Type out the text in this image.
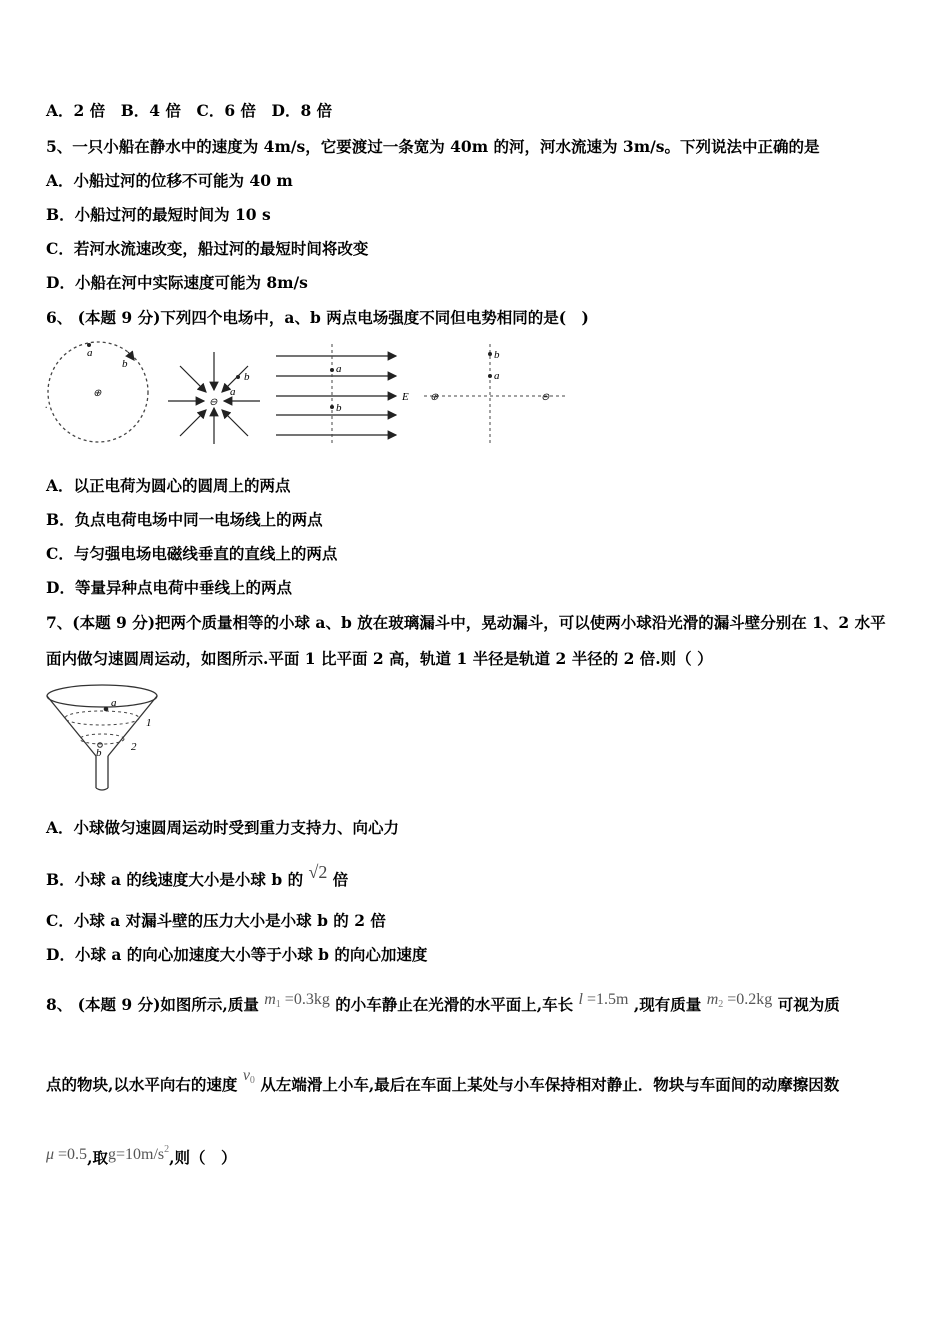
A．2 倍　B．4 倍　C．6 倍　D．8 倍
5、一只小船在静水中的速度为 4m/s，它要渡过一条宽为 40m 的河，河水流速为 3m/s。下列说法中正确的是
A．小船过河的位移不可能为 40 m
B．小船过河的最短时间为 10 s
C．若河水流速改变，船过河的最短时间将改变
D．小船在河中实际速度可能为 8m/s
6、 (本题 9 分)下列四个电场中，a、b 两点电场强度不同但电势相同的是(　)
.
a
b
⊕
⊖
b
a
a
b
E ⊕	⊖
b
a
A．以正电荷为圆心的圆周上的两点
B．负点电荷电场中同一电场线上的两点
C．与匀强电场电磁线垂直的直线上的两点
D．等量异种点电荷中垂线上的两点
7、(本题 9 分)把两个质量相等的小球 a、b 放在玻璃漏斗中，晃动漏斗，可以使两小球沿光滑的漏斗壁分别在 1、2 水平
面内做匀速圆周运动，如图所示.平面 1 比平面 2 高，轨道 1 半径是轨道 2 半径的 2 倍.则（ ）
a
b
1
2
A．小球做匀速圆周运动时受到重力支持力、向心力
B．小球 a 的线速度大小是小球 b 的 √2 倍
C．小球 a 对漏斗壁的压力大小是小球 b 的 2 倍
D．小球 a 的向心加速度大小等于小球 b 的向心加速度
8、 (本题 9 分)如图所示,质量 $m_1 =0.3kg$ 的小车静止在光滑的水平面上,车长 l =1.5m ,现有质量 $m_2 =0.2kg$ 可视为质
点的物块,以水平向右的速度 $v_0$ 从左端滑上小车,最后在车面上某处与小车保持相对静止．物块与车面间的动摩擦因数
μ =0.5,取$g=10m/s^2$,则（　）
